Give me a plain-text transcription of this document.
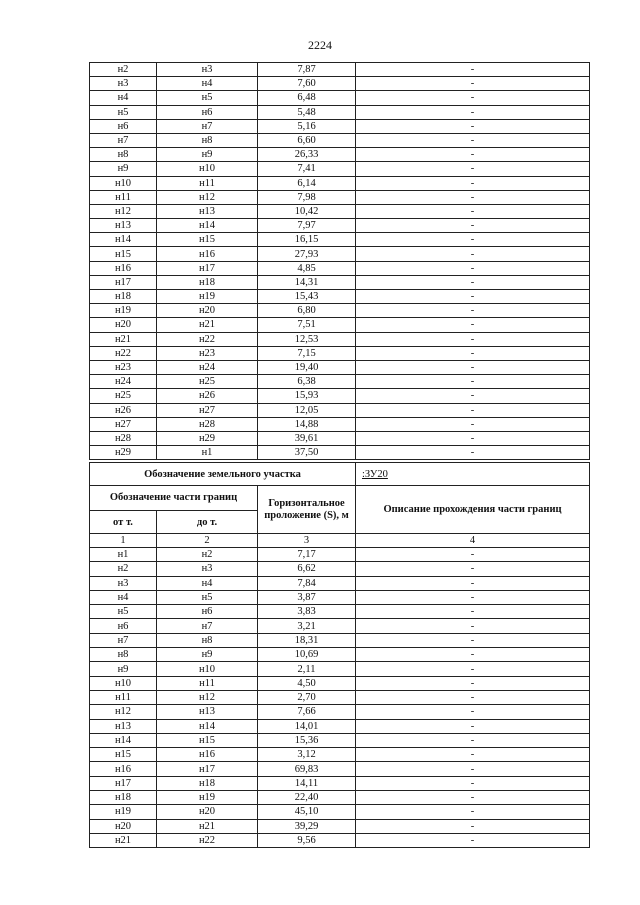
2224
н2	н3	7,87	-
н3	н4	7,60	-
н4	н5	6,48	-
н5	н6	5,48	-
н6	н7	5,16	-
н7	н8	6,60	-
н8	н9	26,33	-
н9	н10	7,41	-
н10	н11	6,14	-
н11	н12	7,98	-
н12	н13	10,42	-
н13	н14	7,97	-
н14	н15	16,15	-
н15	н16	27,93	-
н16	н17	4,85	-
н17	н18	14,31	-
н18	н19	15,43	-
н19	н20	6,80	-
н20	н21	7,51	-
н21	н22	12,53	-
н22	н23	7,15	-
н23	н24	19,40	-
н24	н25	6,38	-
н25	н26	15,93	-
н26	н27	12,05	-
н27	н28	14,88	-
н28	н29	39,61	-
н29	н1	37,50	-
Обозначение земельного участка			:ЗУ20
Обозначение части границ		Горизонтальное проложение (S), м	Описание прохождения части границ
от т.	до т.		
1	2	3	4
н1	н2	7,17	-
н2	н3	6,62	-
н3	н4	7,84	-
н4	н5	3,87	-
н5	н6	3,83	-
н6	н7	3,21	-
н7	н8	18,31	-
н8	н9	10,69	-
н9	н10	2,11	-
н10	н11	4,50	-
н11	н12	2,70	-
н12	н13	7,66	-
н13	н14	14,01	-
н14	н15	15,36	-
н15	н16	3,12	-
н16	н17	69,83	-
н17	н18	14,11	-
н18	н19	22,40	-
н19	н20	45,10	-
н20	н21	39,29	-
н21	н22	9,56	-
